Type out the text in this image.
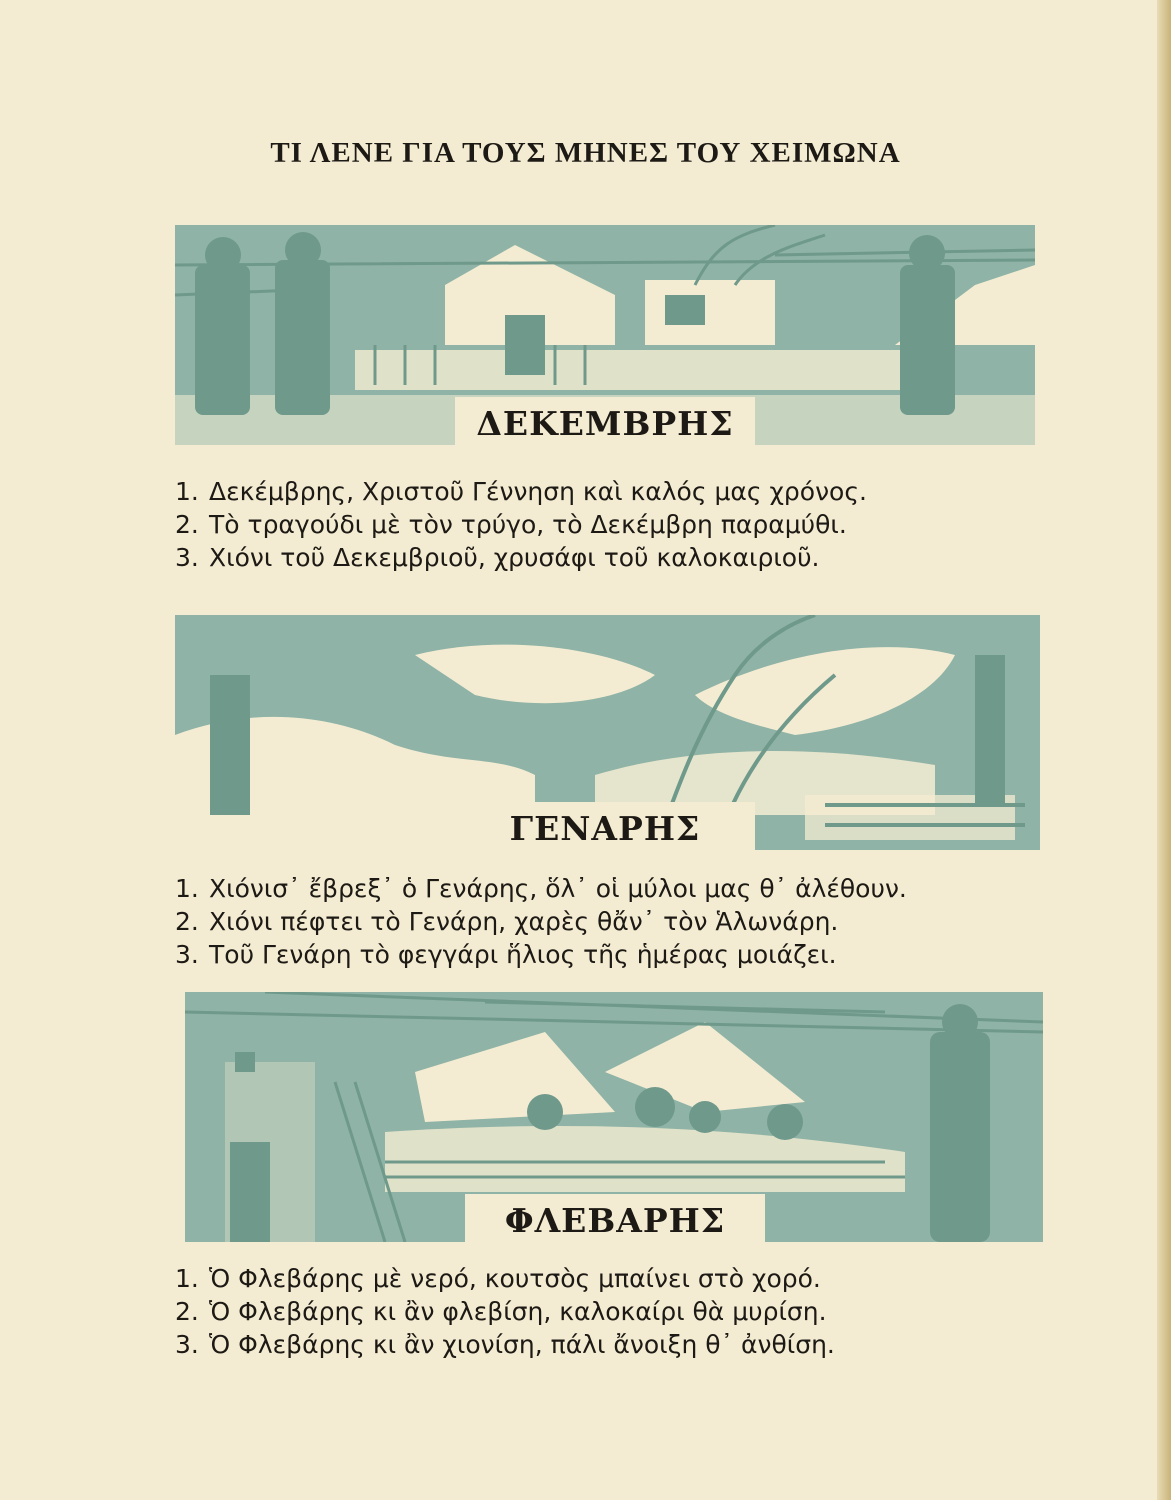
ΤΙ ΛΕΝΕ ΓΙΑ ΤΟΥΣ ΜΗΝΕΣ ΤΟΥ ΧΕΙΜΩΝΑ
ΔΕΚΕΜΒΡΗΣ
1. Δεκέμβρης, Χριστοῦ Γέννηση καὶ καλός μας χρόνος.
2. Τὸ τραγούδι μὲ τὸν τρύγο, τὸ Δεκέμβρη παραμύθι.
3. Χιόνι τοῦ Δεκεμβριοῦ, χρυσάφι τοῦ καλοκαιριοῦ.
ΓΕΝΑΡΗΣ
1. Χιόνισ᾿ ἔβρεξ᾿ ὁ Γενάρης, ὅλ᾿ οἱ μύλοι μας θ᾿ ἀλέθουν.
2. Χιόνι πέφτει τὸ Γενάρη, χαρὲς θἄν᾿ τὸν Ἁλωνάρη.
3. Τοῦ Γενάρη τὸ φεγγάρι ἥλιος τῆς ἡμέρας μοιάζει.
ΦΛΕΒΑΡΗΣ
1. Ὁ Φλεβάρης μὲ νερό, κουτσὸς μπαίνει στὸ χορό.
2. Ὁ Φλεβάρης κι ἂν φλεβίση, καλοκαίρι θὰ μυρίση.
3. Ὁ Φλεβάρης κι ἂν χιονίση, πάλι ἄνοιξη θ᾿ ἀνθίση.
